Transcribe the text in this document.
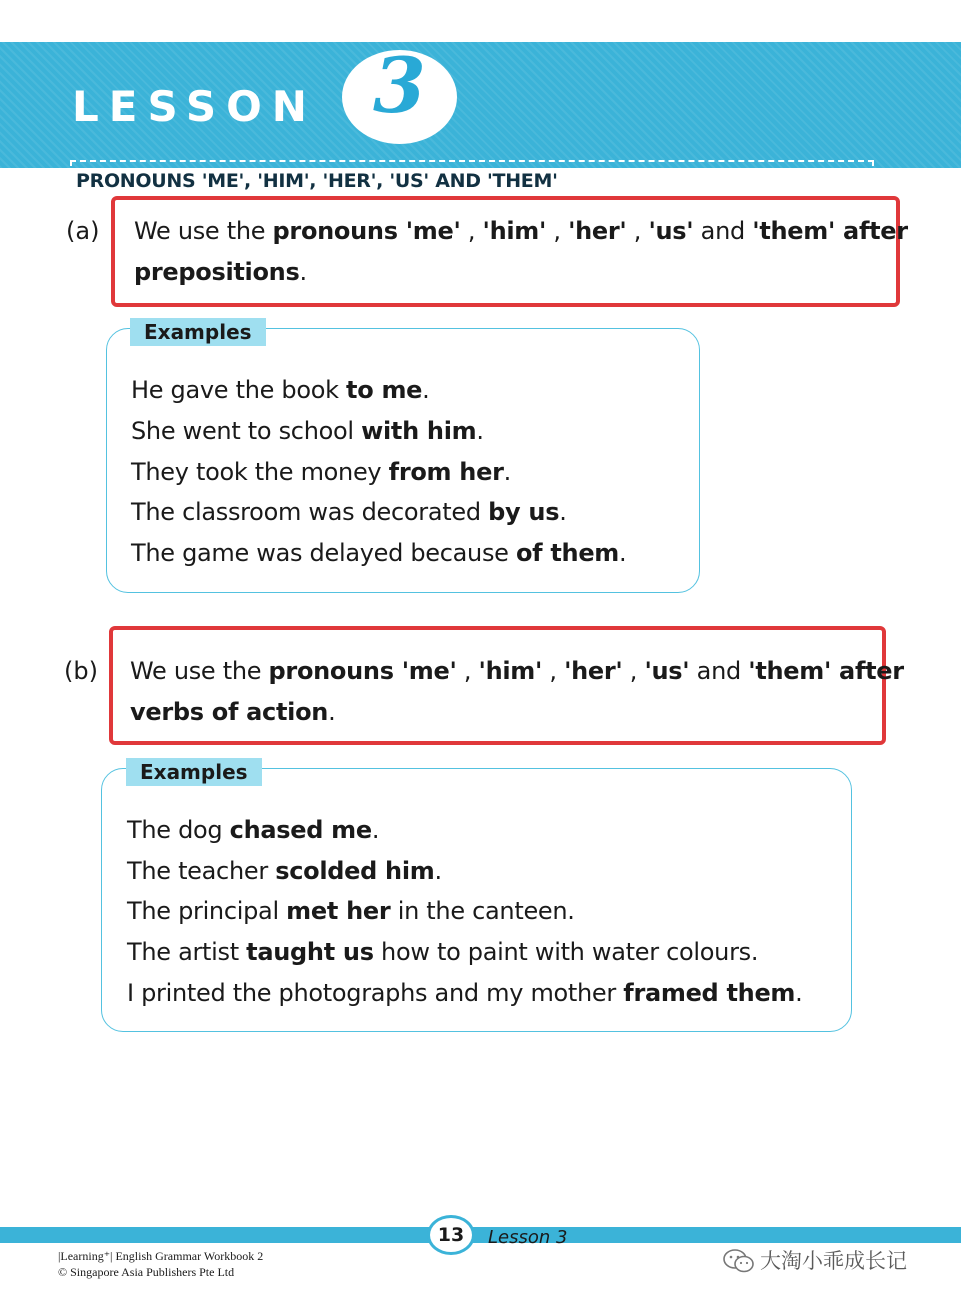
LESSON 3
PRONOUNS 'ME', 'HIM', 'HER', 'US' AND 'THEM'
(a) We use the pronouns 'me' , 'him' , 'her' , 'us' and 'them' after
prepositions.
Examples
He gave the book to me.
She went to school with him.
They took the money from her.
The classroom was decorated by us.
The game was delayed because of them.
(b) We use the pronouns 'me' , 'him' , 'her' , 'us' and 'them' after
verbs of action.
Examples
The dog chased me.
The teacher scolded him.
The principal met her in the canteen.
The artist taught us how to paint with water colours.
I printed the photographs and my mother framed them.
13	Lesson 3
|Learning⁺| English Grammar Workbook 2
© Singapore Asia Publishers Pte Ltd	大淘小乖成长记
